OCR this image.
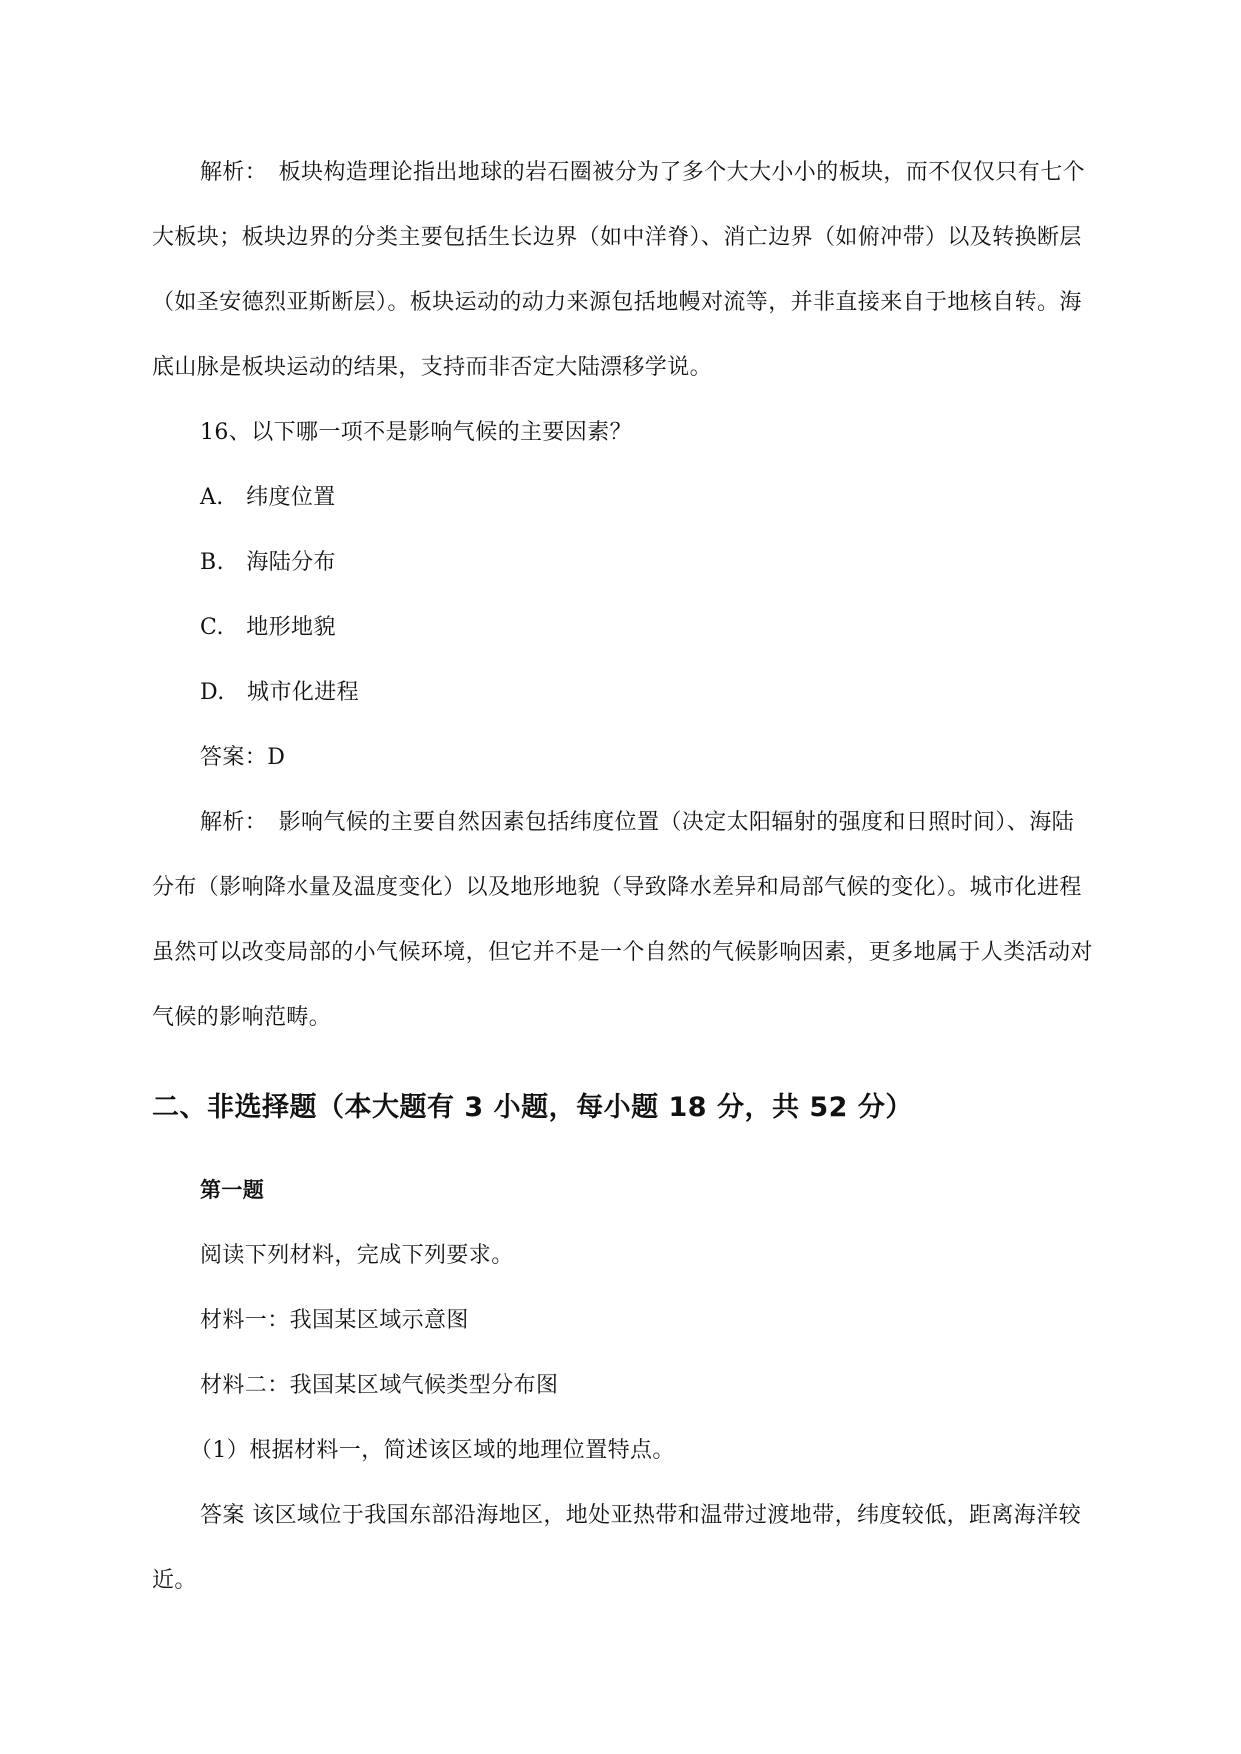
解析：　板块构造理论指出地球的岩石圈被分为了多个大大小小的板块，而不仅仅只有七个大板块；板块边界的分类主要包括生长边界（如中洋脊）、消亡边界（如俯冲带）以及转换断层（如圣安德烈亚斯断层）。板块运动的动力来源包括地幔对流等，并非直接来自于地核自转。海底山脉是板块运动的结果，支持而非否定大陆漂移学说。

16、以下哪一项不是影响气候的主要因素？

A.　纬度位置

B.　海陆分布

C.　地形地貌

D.　城市化进程

答案：D

解析：　影响气候的主要自然因素包括纬度位置（决定太阳辐射的强度和日照时间）、海陆分布（影响降水量及温度变化）以及地形地貌（导致降水差异和局部气候的变化）。城市化进程虽然可以改变局部的小气候环境，但它并不是一个自然的气候影响因素，更多地属于人类活动对气候的影响范畴。

二、非选择题（本大题有 3 小题，每小题 18 分，共 52 分）

第一题

阅读下列材料，完成下列要求。

材料一：我国某区域示意图

材料二：我国某区域气候类型分布图

（1）根据材料一，简述该区域的地理位置特点。

答案 该区域位于我国东部沿海地区，地处亚热带和温带过渡地带，纬度较低，距离海洋较近。
